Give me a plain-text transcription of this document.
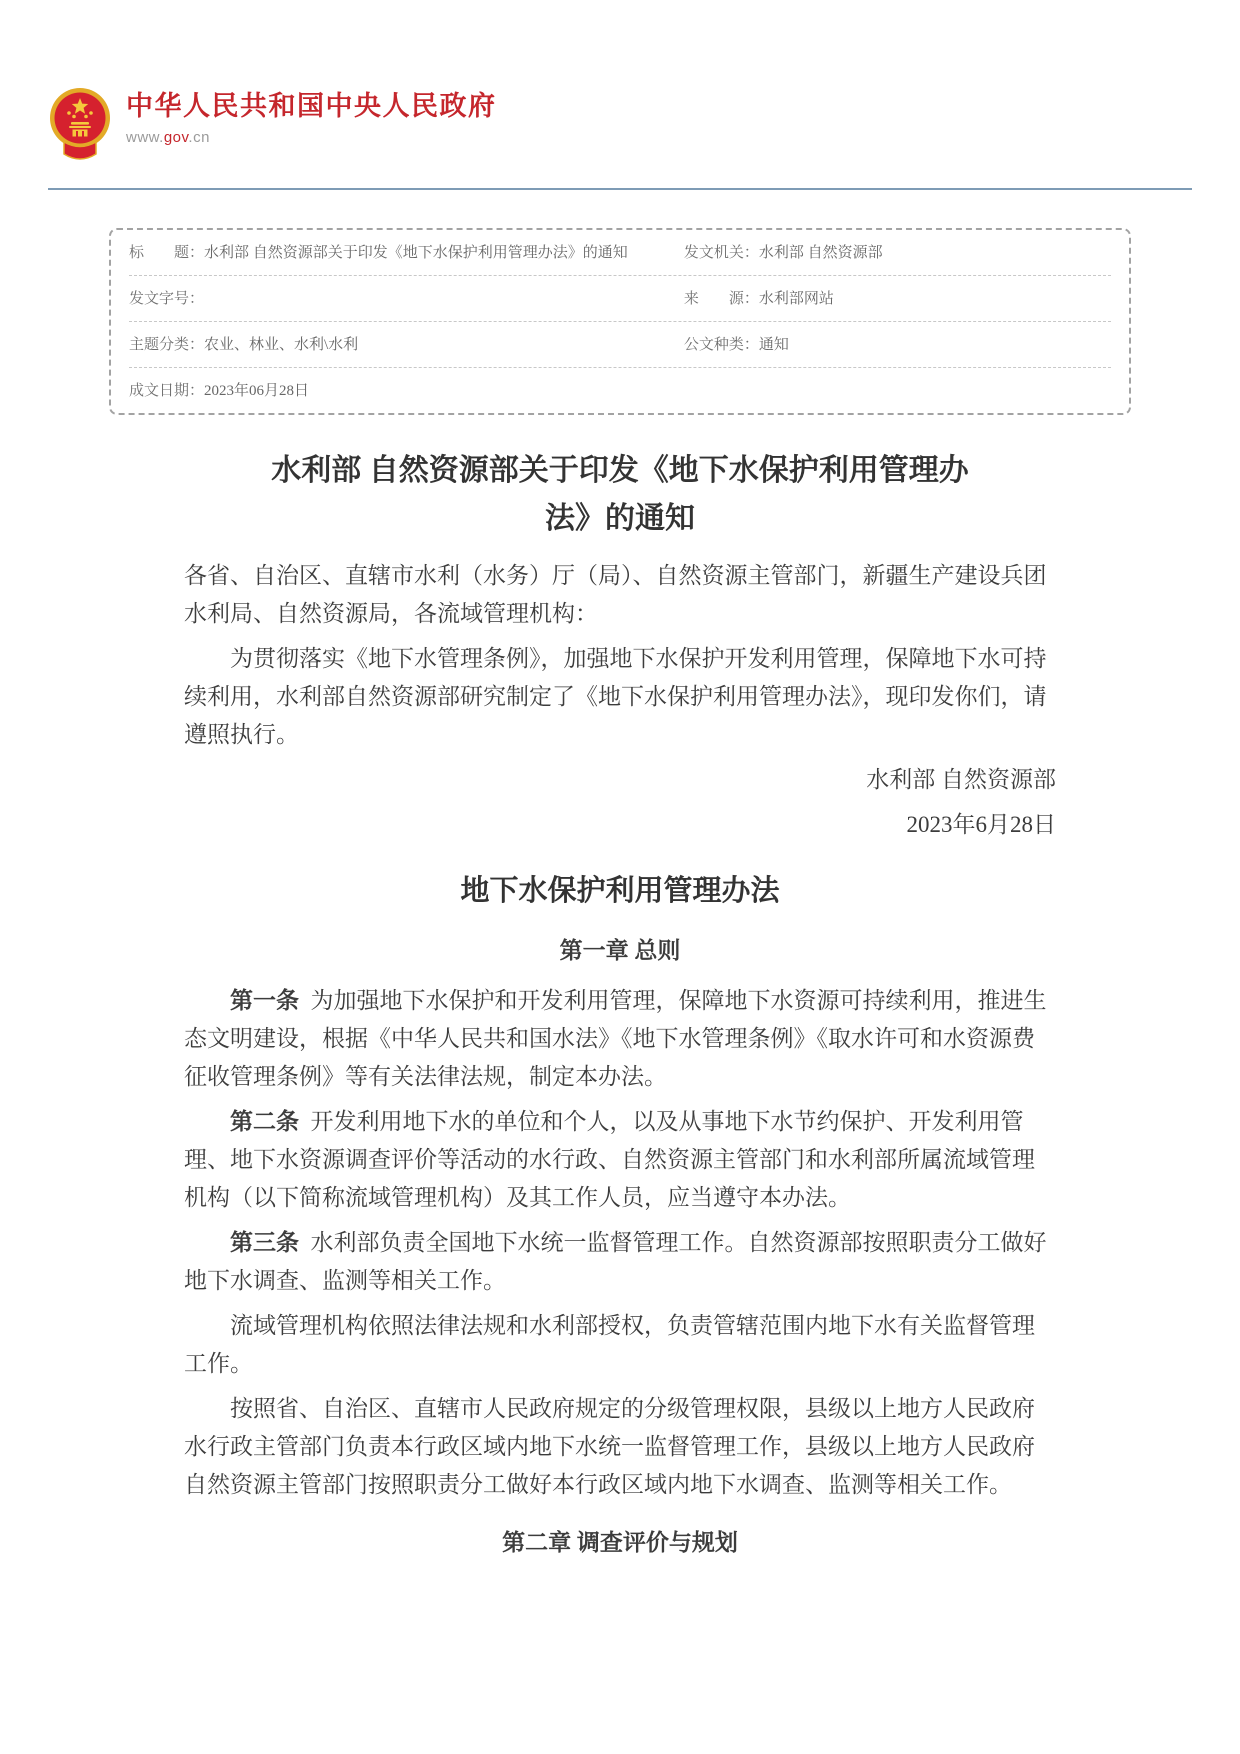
中华人民共和国中央人民政府
www.gov.cn
标　　题：水利部 自然资源部关于印发《地下水保护利用管理办法》的通知	发文机关：水利部 自然资源部
发文字号：	来　　源：水利部网站
主题分类：农业、林业、水利\水利	公文种类：通知
成文日期：2023年06月28日
水利部 自然资源部关于印发《地下水保护利用管理办法》的通知

各省、自治区、直辖市水利（水务）厅（局）、自然资源主管部门，新疆生产建设兵团水利局、自然资源局，各流域管理机构：

为贯彻落实《地下水管理条例》，加强地下水保护开发利用管理，保障地下水可持续利用，水利部自然资源部研究制定了《地下水保护利用管理办法》，现印发你们，请遵照执行。

水利部 自然资源部

2023年6月28日

地下水保护利用管理办法
第一章 总则

第一条 为加强地下水保护和开发利用管理，保障地下水资源可持续利用，推进生态文明建设，根据《中华人民共和国水法》《地下水管理条例》《取水许可和水资源费征收管理条例》等有关法律法规，制定本办法。

第二条 开发利用地下水的单位和个人，以及从事地下水节约保护、开发利用管理、地下水资源调查评价等活动的水行政、自然资源主管部门和水利部所属流域管理机构（以下简称流域管理机构）及其工作人员，应当遵守本办法。

第三条 水利部负责全国地下水统一监督管理工作。自然资源部按照职责分工做好地下水调查、监测等相关工作。

流域管理机构依照法律法规和水利部授权，负责管辖范围内地下水有关监督管理工作。

按照省、自治区、直辖市人民政府规定的分级管理权限，县级以上地方人民政府水行政主管部门负责本行政区域内地下水统一监督管理工作，县级以上地方人民政府自然资源主管部门按照职责分工做好本行政区域内地下水调查、监测等相关工作。

第二章 调查评价与规划
